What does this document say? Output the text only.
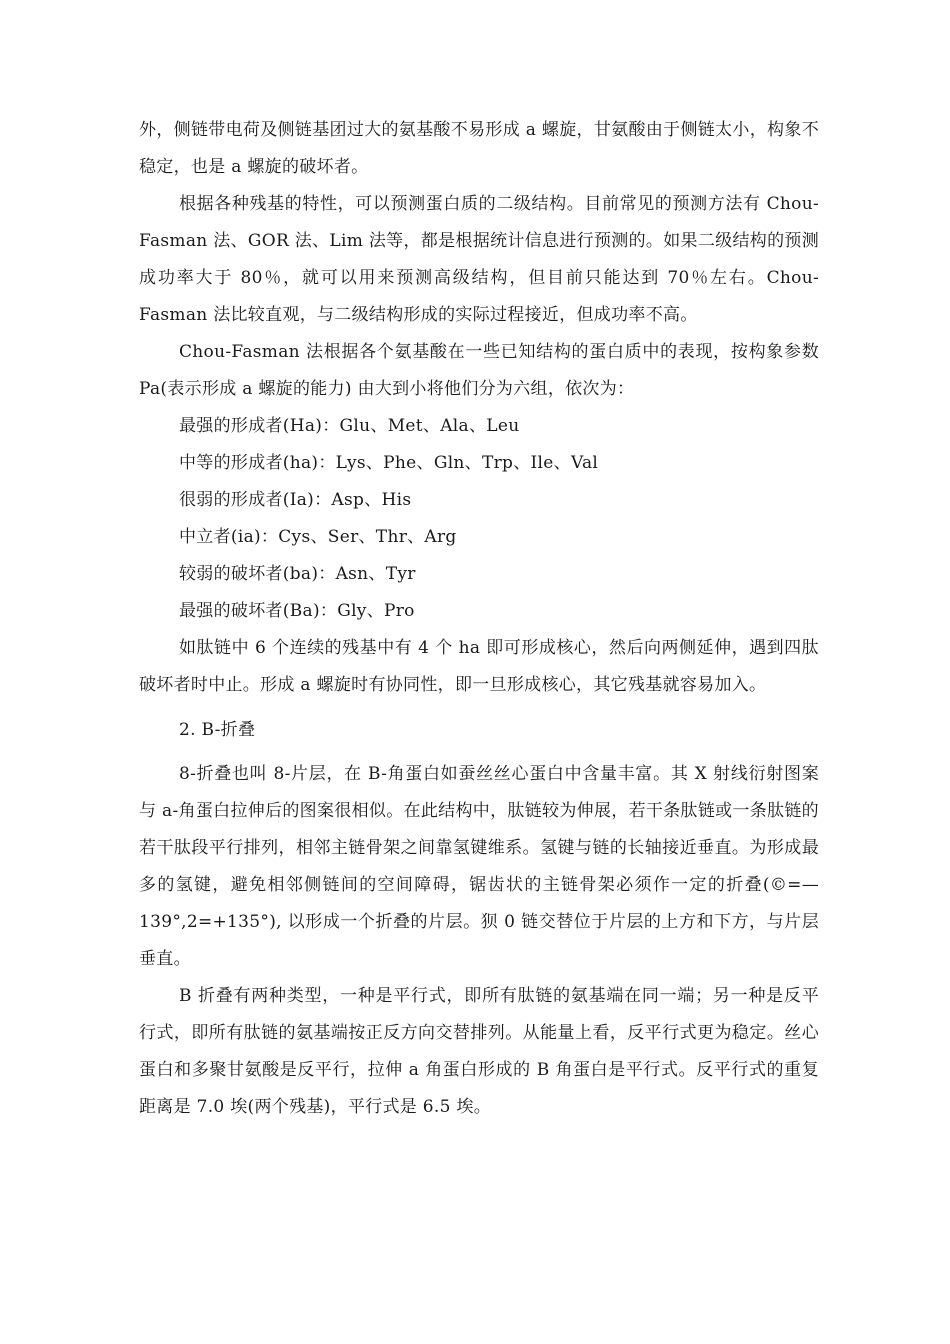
外，侧链带电荷及侧链基团过大的氨基酸不易形成 a 螺旋，甘氨酸由于侧链太小，构象不稳定，也是 a 螺旋的破坏者。

根据各种残基的特性，可以预测蛋白质的二级结构。目前常见的预测方法有 Chou-Fasman 法、GOR 法、Lim 法等，都是根据统计信息进行预测的。如果二级结构的预测成功率大于 80％，就可以用来预测高级结构，但目前只能达到 70％左右。Chou-Fasman 法比较直观，与二级结构形成的实际过程接近，但成功率不高。

Chou-Fasman 法根据各个氨基酸在一些已知结构的蛋白质中的表现，按构象参数 Pa(表示形成 a 螺旋的能力) 由大到小将他们分为六组，依次为：

最强的形成者(Ha)：Glu、Met、Ala、Leu

中等的形成者(ha)：Lys、Phe、Gln、Trp、Ile、Val

很弱的形成者(Ia)：Asp、His

中立者(ia)：Cys、Ser、Thr、Arg

较弱的破坏者(ba)：Asn、Tyr

最强的破坏者(Ba)：Gly、Pro

如肽链中 6 个连续的残基中有 4 个 ha 即可形成核心，然后向两侧延伸，遇到四肽破坏者时中止。形成 a 螺旋时有协同性，即一旦形成核心，其它残基就容易加入。

2. B-折叠

8-折叠也叫 8-片层，在 B-角蛋白如蚕丝丝心蛋白中含量丰富。其 X 射线衍射图案与 a-角蛋白拉伸后的图案很相似。在此结构中，肽链较为伸展，若干条肽链或一条肽链的若干肽段平行排列，相邻主链骨架之间靠氢键维系。氢键与链的长轴接近垂直。为形成最多的氢键，避免相邻侧链间的空间障碍，锯齿状的主链骨架必须作一定的折叠(©=—139°,2=+135°), 以形成一个折叠的片层。狈 0 链交替位于片层的上方和下方，与片层垂直。

B 折叠有两种类型，一种是平行式，即所有肽链的氨基端在同一端；另一种是反平行式，即所有肽链的氨基端按正反方向交替排列。从能量上看，反平行式更为稳定。丝心蛋白和多聚甘氨酸是反平行，拉伸 a 角蛋白形成的 B 角蛋白是平行式。反平行式的重复距离是 7.0 埃(两个残基)，平行式是 6.5 埃。
